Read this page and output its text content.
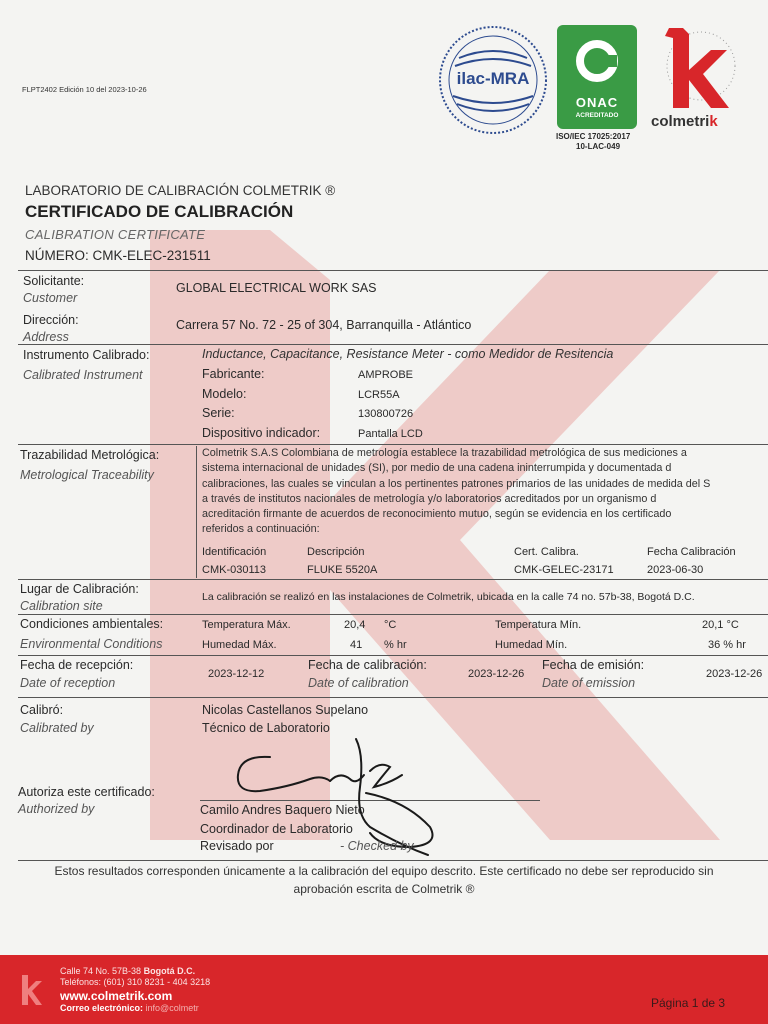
FLPT2402 Edición 10 del 2023-10-26
ilac-MRA
ONAC
ACREDITADO
ISO/IEC 17025:2017
10-LAC-049
colmetrik
LABORATORIO DE CALIBRACIÓN COLMETRIK ®
CERTIFICADO DE CALIBRACIÓN
CALIBRATION CERTIFICATE
NÚMERO: CMK-ELEC-231511
Solicitante:
Customer
GLOBAL ELECTRICAL WORK SAS
Dirección:
Address
Carrera 57 No. 72 - 25 of 304, Barranquilla - Atlántico
Instrumento Calibrado:
Calibrated Instrument
Inductance, Capacitance, Resistance Meter - como Medidor de Resitencia
Fabricante:	AMPROBE
Modelo:	LCR55A
Serie:	130800726
Dispositivo indicador:	Pantalla LCD
Trazabilidad Metrológica:
Metrological Traceability
Colmetrik S.A.S Colombiana de metrología establece la trazabilidad metrológica de sus mediciones a
sistema internacional de unidades (SI), por medio de una cadena ininterrumpida y documentada d
calibraciones, las cuales se vinculan a los pertinentes patrones primarios de las unidades de medida del S
a través de institutos nacionales de metrología y/o laboratorios acreditados por un organismo d
acreditación firmante de acuerdos de reconocimiento mutuo, según se evidencia en los certificado
referidos a continuación:
Identificación	Descripción	Cert. Calibra.	Fecha Calibración
CMK-030113	FLUKE 5520A	CMK-GELEC-23171	2023-06-30
Lugar de Calibración:
Calibration site
La calibración se realizó en las instalaciones de Colmetrik, ubicada en la calle 74 no. 57b-38, Bogotá D.C.
Condiciones ambientales:
Environmental Conditions
Temperatura Máx.	20,4 °C	Temperatura Mín.	20,1 °C
Humedad Máx.	41 % hr	Humedad Mín.	36 % hr
Fecha de recepción:
Date of reception
2023-12-12
Fecha de calibración:
Date of calibration
2023-12-26
Fecha de emisión:
Date of emission
2023-12-26
Calibró:
Calibrated by
Nicolas Castellanos Supelano
Técnico de Laboratorio
Autoriza este certificado:
Authorized by	Camilo Andres Baquero Nieto
Coordinador de Laboratorio
Revisado por	- Checked by
Estos resultados corresponden únicamente a la calibración del equipo descrito. Este certificado no debe ser reproducido sin
aprobación escrita de Colmetrik ®
Calle 74 No. 57B-38 Bogotá D.C.
Teléfonos: (601) 310 8231 - 404 3218
www.colmetrik.com
Correo electrónico: info@colmetr	Página 1 de 3
